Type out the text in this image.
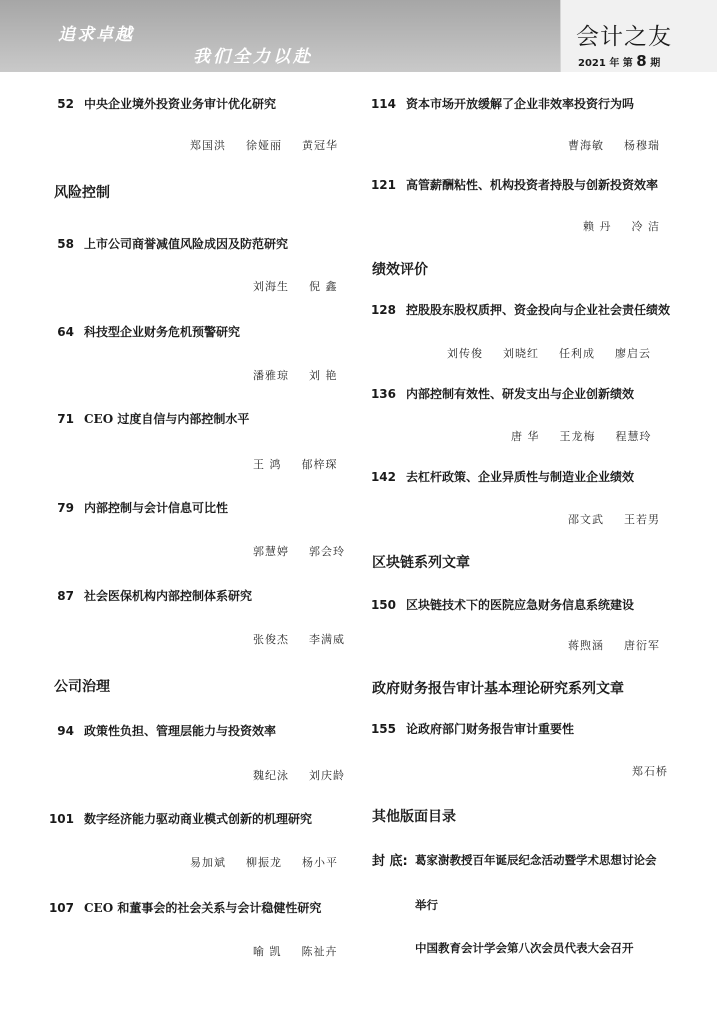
追求卓越
我们全力以赴
会计之友
2021 年 第 8 期
52 中央企业境外投资业务审计优化研究
郑国洪 徐娅丽 黄冠华
风险控制
58 上市公司商誉减值风险成因及防范研究
刘海生 倪 鑫
64 科技型企业财务危机预警研究
潘雅琼 刘 艳
71 CEO 过度自信与内部控制水平
王 鸿 郁梓琛
79 内部控制与会计信息可比性
郭慧婷 郭会玲
87 社会医保机构内部控制体系研究
张俊杰 李满威
公司治理
94 政策性负担、管理层能力与投资效率
魏纪泳 刘庆龄
101 数字经济能力驱动商业模式创新的机理研究
易加斌 柳振龙 杨小平
107 CEO 和董事会的社会关系与会计稳健性研究
喻 凯 陈祉卉
114 资本市场开放缓解了企业非效率投资行为吗
曹海敏 杨穆瑞
121 高管薪酬粘性、机构投资者持股与创新投资效率
赖 丹 冷 洁
绩效评价
128 控股股东股权质押、资金投向与企业社会责任绩效
刘传俊 刘晓红 任利成 廖启云
136 内部控制有效性、研发支出与企业创新绩效
唐 华 王龙梅 程慧玲
142 去杠杆政策、企业异质性与制造业企业绩效
邵文武 王若男
区块链系列文章
150 区块链技术下的医院应急财务信息系统建设
蒋煦涵 唐衍军
政府财务报告审计基本理论研究系列文章
155 论政府部门财务报告审计重要性
郑石桥
其他版面目录
封 底: 葛家澍教授百年诞辰纪念活动暨学术思想讨论会
举行
中国教育会计学会第八次会员代表大会召开
